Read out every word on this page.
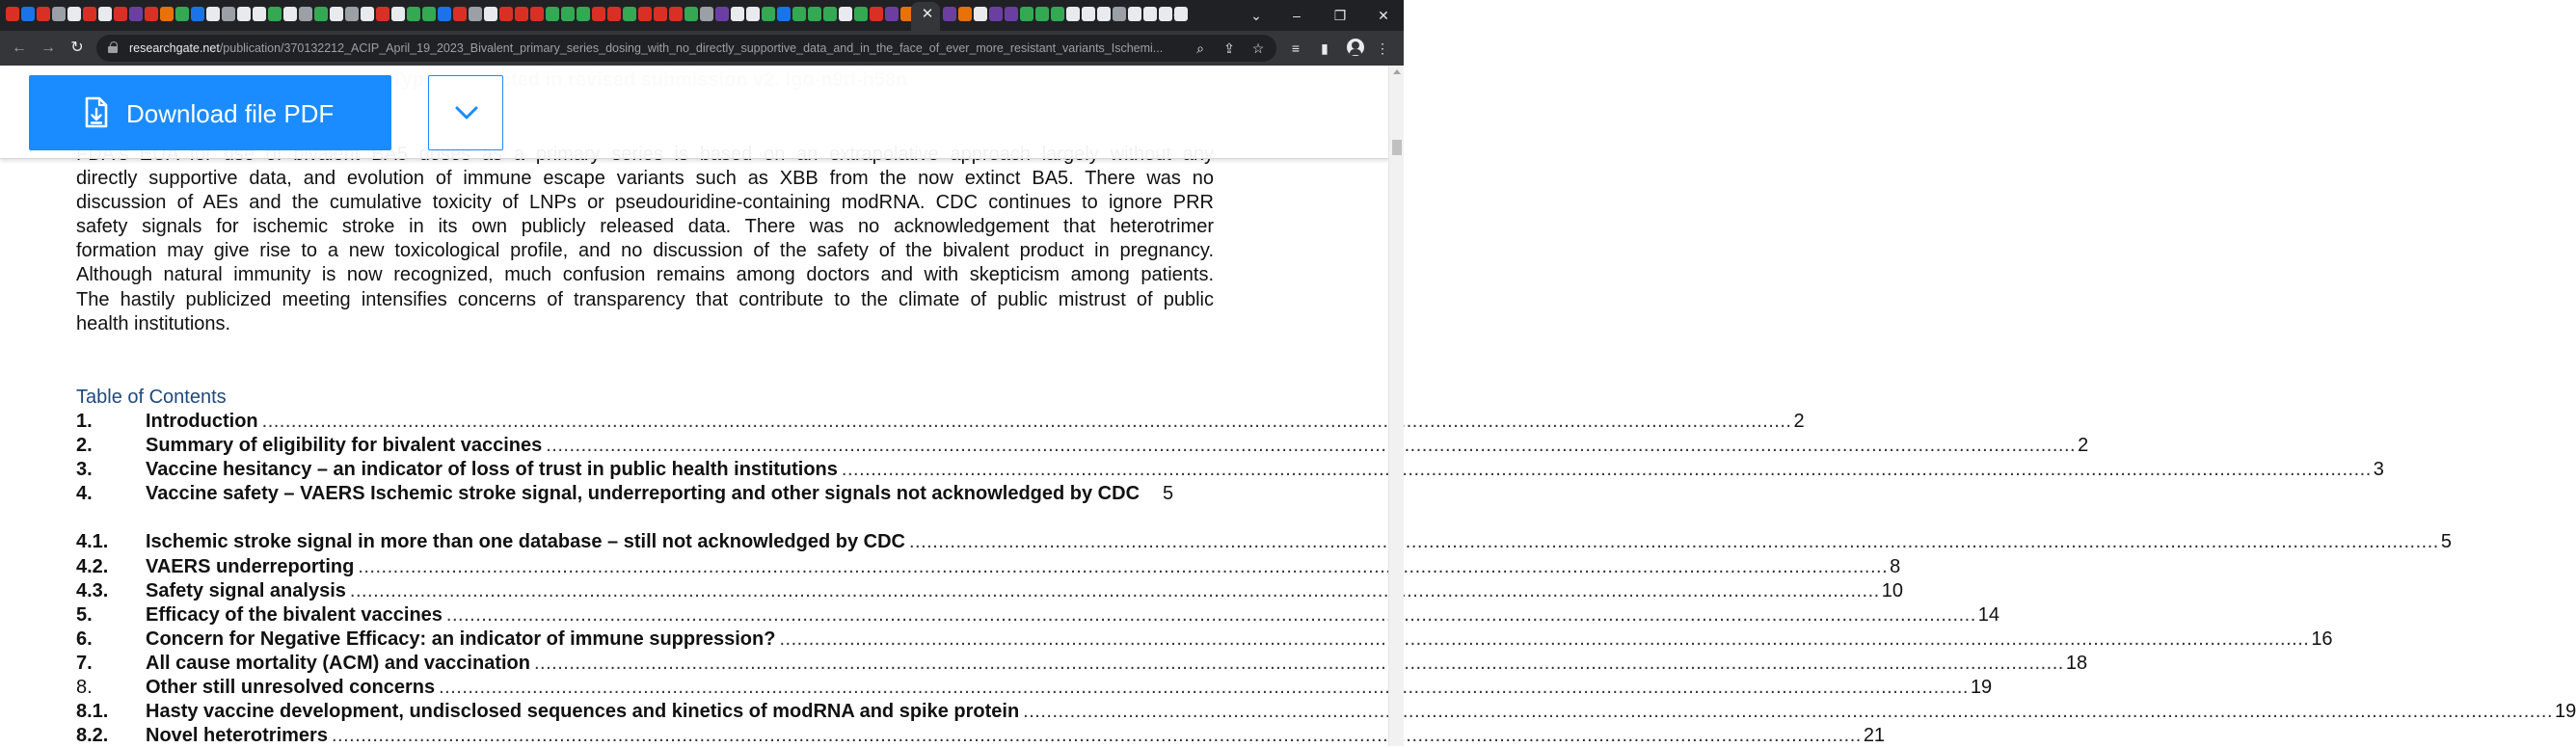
✕	+	⌄	–	❐	✕
← → ↻	researchgate.net/publication/370132212_ACIP_April_19_2023_Bivalent_primary_series_dosing_with_no_directly_supportive_data_and_in_the_face_of_ever_more_resistant_variants_Ischemi...	⌕	⇪ ☆	≡	▮	⋮
directly supportive data, and evolution of immune escape variants such as XBB from the now extinct BA5. There was no
discussion of AEs and the cumulative toxicity of LNPs or pseudouridine-containing modRNA. CDC continues to ignore PRR
safety signals for ischemic stroke in its own publicly released data. There was no acknowledgement that heterotrimer
formation may give rise to a new toxicological profile, and no discussion of the safety of the bivalent product in pregnancy.
Although natural immunity is now recognized, much confusion remains among doctors and with skepticism among patients.
The hastily publicized meeting intensifies concerns of transparency that contribute to the climate of public mistrust of public
health institutions.
Table of Contents
1.	Introduction .....	2
2.	Summary of eligibility for bivalent vaccines .....	2
3.	Vaccine hesitancy – an indicator of loss of trust in public health institutions .....	3
4.	Vaccine safety – VAERS Ischemic stroke signal, underreporting and other signals not acknowledged by CDC 5
4.1.	Ischemic stroke signal in more than one database – still not acknowledged by CDC .....	5
4.2.	VAERS underreporting .....	8
4.3.	Safety signal analysis .....	10
5.	Efficacy of the bivalent vaccines .....	14
6.	Concern for Negative Efficacy: an indicator of immune suppression? .....	16
7.	All cause mortality (ACM) and vaccination .....	18
8.	Other still unresolved concerns .....	19
8.1.	Hasty vaccine development, undisclosed sequences and kinetics of modRNA and spike protein .....	19
8.2.	Novel heterotrimers .....	21
Download file PDF
